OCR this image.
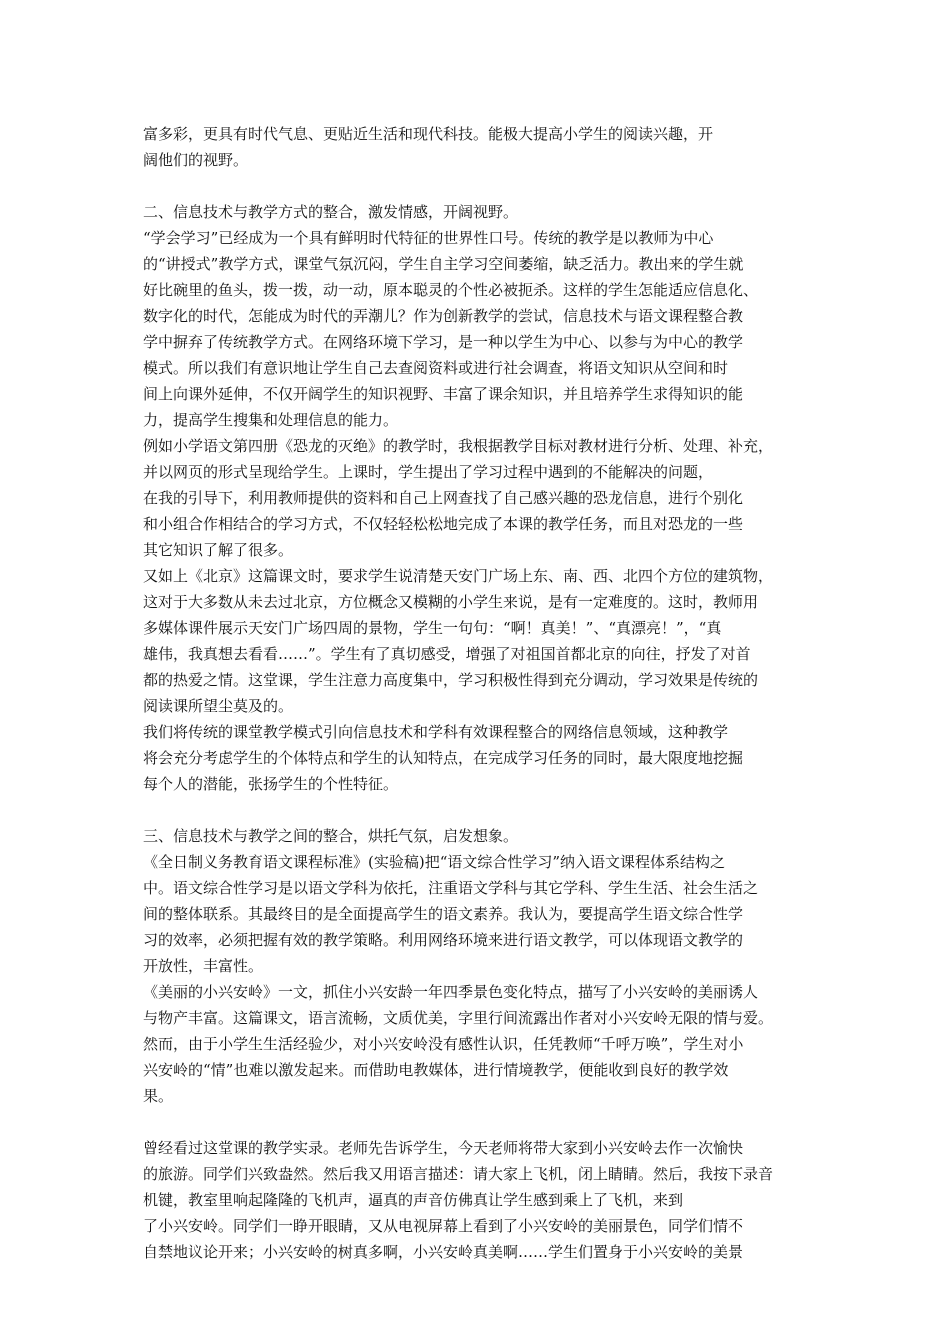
富多彩，更具有时代气息、更贴近生活和现代科技。能极大提高小学生的阅读兴趣，开
阔他们的视野。
二、信息技术与教学方式的整合，激发情感，开阔视野。
“学会学习”已经成为一个具有鲜明时代特征的世界性口号。传统的教学是以教师为中心
的“讲授式”教学方式，课堂气氛沉闷，学生自主学习空间萎缩，缺乏活力。教出来的学生就
好比碗里的鱼头，拨一拨，动一动，原本聪灵的个性必被扼杀。这样的学生怎能适应信息化、
数字化的时代，怎能成为时代的弄潮儿？作为创新教学的尝试，信息技术与语文课程整合教
学中摒弃了传统教学方式。在网络环境下学习，是一种以学生为中心、以参与为中心的教学
模式。所以我们有意识地让学生自己去查阅资料或进行社会调查，将语文知识从空间和时
间上向课外延伸，不仅开阔学生的知识视野、丰富了课余知识，并且培养学生求得知识的能
力，提高学生搜集和处理信息的能力。
例如小学语文第四册《恐龙的灭绝》的教学时，我根据教学目标对教材进行分析、处理、补充，
并以网页的形式呈现给学生。上课时，学生提出了学习过程中遇到的不能解决的问题，
在我的引导下，利用教师提供的资料和自己上网查找了自己感兴趣的恐龙信息，进行个别化
和小组合作相结合的学习方式，不仅轻轻松松地完成了本课的教学任务，而且对恐龙的一些
其它知识了解了很多。
又如上《北京》这篇课文时，要求学生说清楚天安门广场上东、南、西、北四个方位的建筑物，
这对于大多数从未去过北京，方位概念又模糊的小学生来说，是有一定难度的。这时，教师用
多媒体课件展示天安门广场四周的景物，学生一句句：“啊！真美！”、“真漂亮！”，“真
雄伟，我真想去看看……”。学生有了真切感受，增强了对祖国首都北京的向往，抒发了对首
都的热爱之情。这堂课，学生注意力高度集中，学习积极性得到充分调动，学习效果是传统的
阅读课所望尘莫及的。
我们将传统的课堂教学模式引向信息技术和学科有效课程整合的网络信息领域，这种教学
将会充分考虑学生的个体特点和学生的认知特点，在完成学习任务的同时，最大限度地挖掘
每个人的潜能，张扬学生的个性特征。
三、信息技术与教学之间的整合，烘托气氛，启发想象。
《全日制义务教育语文课程标准》(实验稿)把“语文综合性学习”纳入语文课程体系结构之
中。语文综合性学习是以语文学科为依托，注重语文学科与其它学科、学生生活、社会生活之
间的整体联系。其最终目的是全面提高学生的语文素养。我认为，要提高学生语文综合性学
习的效率，必须把握有效的教学策略。利用网络环境来进行语文教学，可以体现语文教学的
开放性，丰富性。
《美丽的小兴安岭》一文，抓住小兴安龄一年四季景色变化特点，描写了小兴安岭的美丽诱人
与物产丰富。这篇课文，语言流畅，文质优美，字里行间流露出作者对小兴安岭无限的情与爱。
然而，由于小学生生活经验少，对小兴安岭没有感性认识，任凭教师“千呼万唤”，学生对小
兴安岭的“情”也难以激发起来。而借助电教媒体，进行情境教学，便能收到良好的教学效
果。
曾经看过这堂课的教学实录。老师先告诉学生，今天老师将带大家到小兴安岭去作一次愉快
的旅游。同学们兴致盎然。然后我又用语言描述：请大家上飞机，闭上睛睛。然后，我按下录音
机键，教室里响起隆隆的飞机声，逼真的声音仿佛真让学生感到乘上了飞机，来到
了小兴安岭。同学们一睁开眼睛，又从电视屏幕上看到了小兴安岭的美丽景色，同学们情不
自禁地议论开来；小兴安岭的树真多啊，小兴安岭真美啊……学生们置身于小兴安岭的美景
